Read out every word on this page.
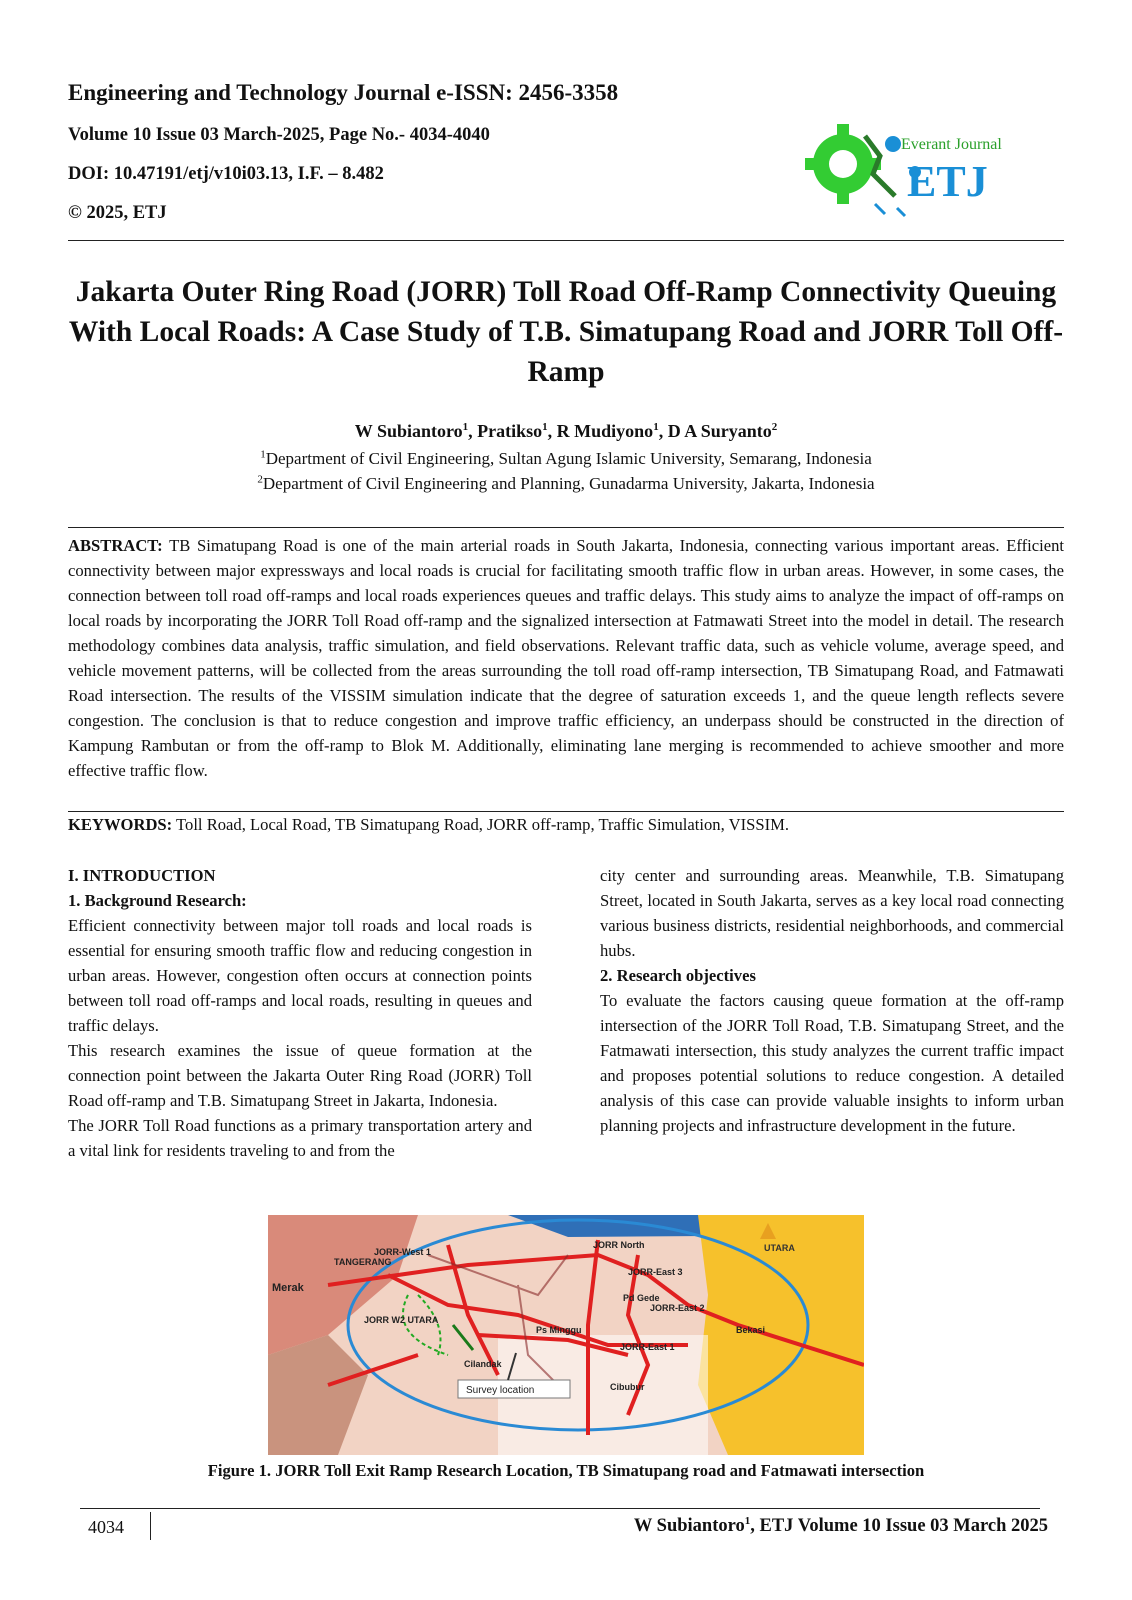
Engineering and Technology Journal e-ISSN: 2456-3358

Volume 10 Issue 03 March-2025, Page No.- 4034-4040

DOI: 10.47191/etj/v10i03.13, I.F. – 8.482

© 2025, ETJ

Everant Journal
ETJ
Jakarta Outer Ring Road (JORR) Toll Road Off-Ramp Connectivity Queuing With Local Roads: A Case Study of T.B. Simatupang Road and JORR Toll Off-Ramp

W Subiantoro$^1$, Pratikso$^1$, R Mudiyono$^1$, D A Suryanto$^2$

$^1$Department of Civil Engineering, Sultan Agung Islamic University, Semarang, Indonesia

$^2$Department of Civil Engineering and Planning, Gunadarma University, Jakarta, Indonesia

ABSTRACT: TB Simatupang Road is one of the main arterial roads in South Jakarta, Indonesia, connecting various important areas. Efficient connectivity between major expressways and local roads is crucial for facilitating smooth traffic flow in urban areas. However, in some cases, the connection between toll road off-ramps and local roads experiences queues and traffic delays. This study aims to analyze the impact of off-ramps on local roads by incorporating the JORR Toll Road off-ramp and the signalized intersection at Fatmawati Street into the model in detail. The research methodology combines data analysis, traffic simulation, and field observations. Relevant traffic data, such as vehicle volume, average speed, and vehicle movement patterns, will be collected from the areas surrounding the toll road off-ramp intersection, TB Simatupang Road, and Fatmawati Road intersection. The results of the VISSIM simulation indicate that the degree of saturation exceeds 1, and the queue length reflects severe congestion. The conclusion is that to reduce congestion and improve traffic efficiency, an underpass should be constructed in the direction of Kampung Rambutan or from the off-ramp to Blok M. Additionally, eliminating lane merging is recommended to achieve smoother and more effective traffic flow.

KEYWORDS: Toll Road, Local Road, TB Simatupang Road, JORR off-ramp, Traffic Simulation, VISSIM.

I. INTRODUCTION
1. Background Research:

Efficient connectivity between major toll roads and local roads is essential for ensuring smooth traffic flow and reducing congestion in urban areas. However, congestion often occurs at connection points between toll road off-ramps and local roads, resulting in queues and traffic delays.

This research examines the issue of queue formation at the connection point between the Jakarta Outer Ring Road (JORR) Toll Road off-ramp and T.B. Simatupang Street in Jakarta, Indonesia.

The JORR Toll Road functions as a primary transportation artery and a vital link for residents traveling to and from the

city center and surrounding areas. Meanwhile, T.B. Simatupang Street, located in South Jakarta, serves as a key local road connecting various business districts, residential neighborhoods, and commercial hubs.

2. Research objectives

To evaluate the factors causing queue formation at the off-ramp intersection of the JORR Toll Road, T.B. Simatupang Street, and the Fatmawati intersection, this study analyzes the current traffic impact and proposes potential solutions to reduce congestion. A detailed analysis of this case can provide valuable insights to inform urban planning projects and infrastructure development in the future.

Merak
TANGERANG
UTARA
JORR North
JORR-East 3
JORR-East 2
JORR-East 1
JORR W2 UTARA
JORR-West 1
Pd Gede
Bekasi
Cibubur
Cilandak
Ps Minggu
Survey location

Figure 1. JORR Toll Exit Ramp Research Location, TB Simatupang road and Fatmawati intersection

4034	W Subiantoro$^1$, ETJ Volume 10 Issue 03 March 2025
